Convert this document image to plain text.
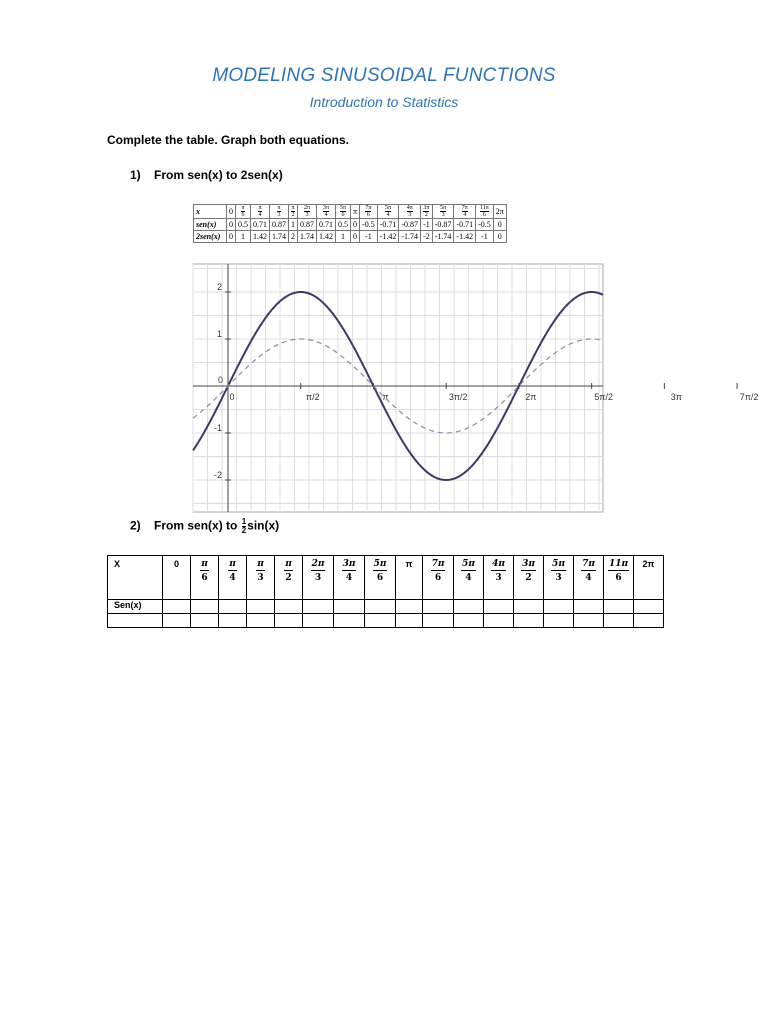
MODELING SINUSOIDAL FUNCTIONS
Introduction to Statistics
Complete the table. Graph both equations.
1) From sen(x) to 2sen(x)
x	0	$\frac{\pi}{6}$	$\frac{\pi}{4}$	$\frac{\pi}{3}$	$\frac{\pi}{2}$	$\frac{2\pi}{3}$	$\frac{3\pi}{4}$	$\frac{5\pi}{6}$	π	$\frac{7\pi}{6}$	$\frac{5\pi}{4}$	$\frac{4\pi}{3}$	$\frac{3\pi}{2}$	$\frac{5\pi}{3}$	$\frac{7\pi}{4}$	$\frac{11\pi}{6}$	2π
sen(x)	0	0.5	0.71	0.87	1	0.87	0.71	0.5	0	-0.5	-0.71	-0.87	-1	-0.87	-0.71	-0.5	0
2sen(x)	0	1	1.42	1.74	2	1.74	1.42	1	0	-1	-1.42	-1.74	-2	-1.74	-1.42	-1	0
-2
-1
0
1
2
0	π/2	π	3π/2	2π	5π/2	3π	7π/2
2) From sen(x) to $\frac{1}{2} \sin(x)$
X	0	$\frac{\pi}{6}$	$\frac{\pi}{4}$	$\frac{\pi}{3}$	$\frac{\pi}{2}$	$\frac{2\pi}{3}$	$\frac{3\pi}{4}$	$\frac{5\pi}{6}$	π	$\frac{7\pi}{6}$	$\frac{5\pi}{4}$	$\frac{4\pi}{3}$	$\frac{3\pi}{2}$	$\frac{5\pi}{3}$	$\frac{7\pi}{4}$	$\frac{11\pi}{6}$	2π
Sen(x)																	
